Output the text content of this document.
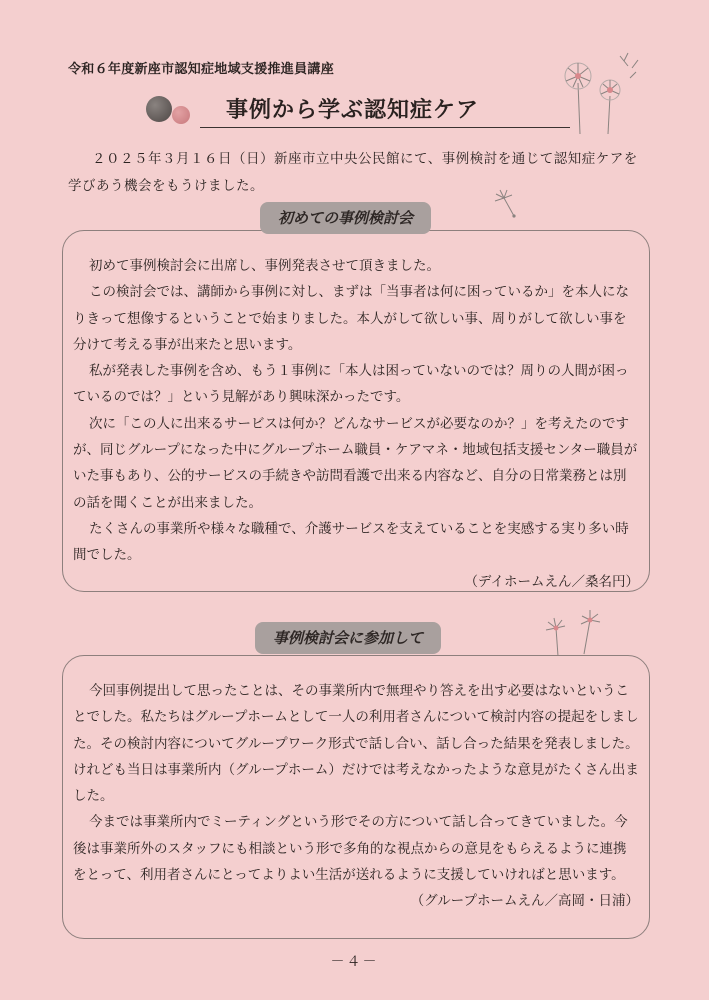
令和６年度新座市認知症地域支援推進員講座
事例から学ぶ認知症ケア
２０２５年３月１６日（日）新座市立中央公民館にて、事例検討を通じて認知症ケアを学びあう機会をもうけました。

初めて事例検討会に出席し、事例発表させて頂きました。

この検討会では、講師から事例に対し、まずは「当事者は何に困っているか」を本人になりきって想像するということで始まりました。本人がして欲しい事、周りがして欲しい事を分けて考える事が出来たと思います。

私が発表した事例を含め、もう１事例に「本人は困っていないのでは？周りの人間が困っているのでは？」という見解があり興味深かったです。

次に「この人に出来るサービスは何か？どんなサービスが必要なのか？」を考えたのですが、同じグループになった中にグループホーム職員・ケアマネ・地域包括支援センター職員がいた事もあり、公的サービスの手続きや訪問看護で出来る内容など、自分の日常業務とは別の話を聞くことが出来ました。

たくさんの事業所や様々な職種で、介護サービスを支えていることを実感する実り多い時間でした。

（デイホームえん／桑名円）

初めての事例検討会

今回事例提出して思ったことは、その事業所内で無理やり答えを出す必要はないということでした。私たちはグループホームとして一人の利用者さんについて検討内容の提起をしました。その検討内容についてグループワーク形式で話し合い、話し合った結果を発表しました。けれども当日は事業所内（グループホーム）だけでは考えなかったような意見がたくさん出ました。

今までは事業所内でミーティングという形でその方について話し合ってきていました。今後は事業所外のスタッフにも相談という形で多角的な視点からの意見をもらえるように連携をとって、利用者さんにとってよりよい生活が送れるように支援していければと思います。

（グループホームえん／高岡・日浦）

事例検討会に参加して
－４－
